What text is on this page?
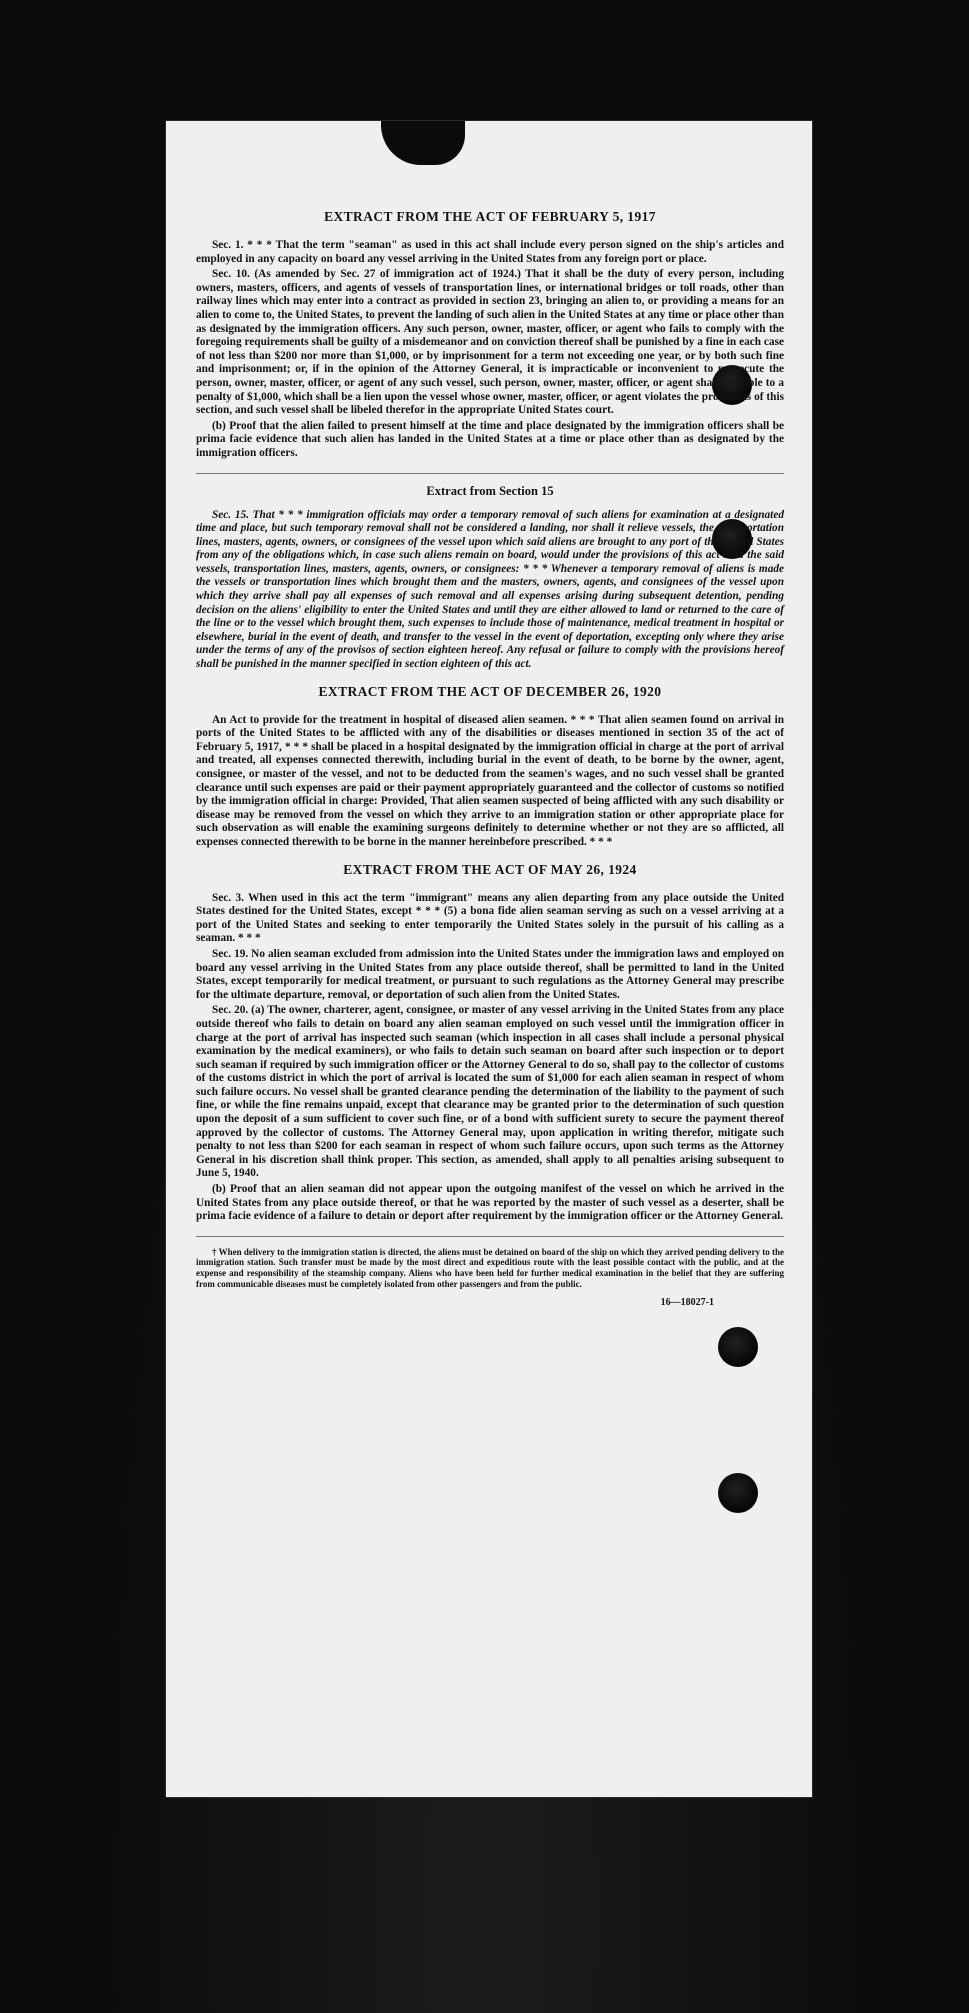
EXTRACT FROM THE ACT OF FEBRUARY 5, 1917

Sec. 1. * * * That the term "seaman" as used in this act shall include every person signed on the ship's articles and employed in any capacity on board any vessel arriving in the United States from any foreign port or place.

Sec. 10. (As amended by Sec. 27 of immigration act of 1924.) That it shall be the duty of every person, including owners, masters, officers, and agents of vessels of transportation lines, or international bridges or toll roads, other than railway lines which may enter into a contract as provided in section 23, bringing an alien to, or providing a means for an alien to come to, the United States, to prevent the landing of such alien in the United States at any time or place other than as designated by the immigration officers. Any such person, owner, master, officer, or agent who fails to comply with the foregoing requirements shall be guilty of a misdemeanor and on conviction thereof shall be punished by a fine in each case of not less than $200 nor more than $1,000, or by imprisonment for a term not exceeding one year, or by both such fine and imprisonment; or, if in the opinion of the Attorney General, it is impracticable or inconvenient to prosecute the person, owner, master, officer, or agent of any such vessel, such person, owner, master, officer, or agent shall be liable to a penalty of $1,000, which shall be a lien upon the vessel whose owner, master, officer, or agent violates the provisions of this section, and such vessel shall be libeled therefor in the appropriate United States court.

(b) Proof that the alien failed to present himself at the time and place designated by the immigration officers shall be prima facie evidence that such alien has landed in the United States at a time or place other than as designated by the immigration officers.

Extract from Section 15

Sec. 15. That * * * immigration officials may order a temporary removal of such aliens for examination at a designated time and place, but such temporary removal shall not be considered a landing, nor shall it relieve vessels, the transportation lines, masters, agents, owners, or consignees of the vessel upon which said aliens are brought to any port of the United States from any of the obligations which, in case such aliens remain on board, would under the provisions of this act bind the said vessels, transportation lines, masters, agents, owners, or consignees: * * * Whenever a temporary removal of aliens is made the vessels or transportation lines which brought them and the masters, owners, agents, and consignees of the vessel upon which they arrive shall pay all expenses of such removal and all expenses arising during subsequent detention, pending decision on the aliens' eligibility to enter the United States and until they are either allowed to land or returned to the care of the line or to the vessel which brought them, such expenses to include those of maintenance, medical treatment in hospital or elsewhere, burial in the event of death, and transfer to the vessel in the event of deportation, excepting only where they arise under the terms of any of the provisos of section eighteen hereof. Any refusal or failure to comply with the provisions hereof shall be punished in the manner specified in section eighteen of this act.

EXTRACT FROM THE ACT OF DECEMBER 26, 1920

An Act to provide for the treatment in hospital of diseased alien seamen. * * * That alien seamen found on arrival in ports of the United States to be afflicted with any of the disabilities or diseases mentioned in section 35 of the act of February 5, 1917, * * * shall be placed in a hospital designated by the immigration official in charge at the port of arrival and treated, all expenses connected therewith, including burial in the event of death, to be borne by the owner, agent, consignee, or master of the vessel, and not to be deducted from the seamen's wages, and no such vessel shall be granted clearance until such expenses are paid or their payment appropriately guaranteed and the collector of customs so notified by the immigration official in charge: Provided, That alien seamen suspected of being afflicted with any such disability or disease may be removed from the vessel on which they arrive to an immigration station or other appropriate place for such observation as will enable the examining surgeons definitely to determine whether or not they are so afflicted, all expenses connected therewith to be borne in the manner hereinbefore prescribed. * * *

EXTRACT FROM THE ACT OF MAY 26, 1924

Sec. 3. When used in this act the term "immigrant" means any alien departing from any place outside the United States destined for the United States, except * * * (5) a bona fide alien seaman serving as such on a vessel arriving at a port of the United States and seeking to enter temporarily the United States solely in the pursuit of his calling as a seaman. * * *

Sec. 19. No alien seaman excluded from admission into the United States under the immigration laws and employed on board any vessel arriving in the United States from any place outside thereof, shall be permitted to land in the United States, except temporarily for medical treatment, or pursuant to such regulations as the Attorney General may prescribe for the ultimate departure, removal, or deportation of such alien from the United States.

Sec. 20. (a) The owner, charterer, agent, consignee, or master of any vessel arriving in the United States from any place outside thereof who fails to detain on board any alien seaman employed on such vessel until the immigration officer in charge at the port of arrival has inspected such seaman (which inspection in all cases shall include a personal physical examination by the medical examiners), or who fails to detain such seaman on board after such inspection or to deport such seaman if required by such immigration officer or the Attorney General to do so, shall pay to the collector of customs of the customs district in which the port of arrival is located the sum of $1,000 for each alien seaman in respect of whom such failure occurs. No vessel shall be granted clearance pending the determination of the liability to the payment of such fine, or while the fine remains unpaid, except that clearance may be granted prior to the determination of such question upon the deposit of a sum sufficient to cover such fine, or of a bond with sufficient surety to secure the payment thereof approved by the collector of customs. The Attorney General may, upon application in writing therefor, mitigate such penalty to not less than $200 for each seaman in respect of whom such failure occurs, upon such terms as the Attorney General in his discretion shall think proper. This section, as amended, shall apply to all penalties arising subsequent to June 5, 1940.

(b) Proof that an alien seaman did not appear upon the outgoing manifest of the vessel on which he arrived in the United States from any place outside thereof, or that he was reported by the master of such vessel as a deserter, shall be prima facie evidence of a failure to detain or deport after requirement by the immigration officer or the Attorney General.

† When delivery to the immigration station is directed, the aliens must be detained on board of the ship on which they arrived pending delivery to the immigration station. Such transfer must be made by the most direct and expeditious route with the least possible contact with the public, and at the expense and responsibility of the steamship company. Aliens who have been held for further medical examination in the belief that they are suffering from communicable diseases must be completely isolated from other passengers and from the public.

16—18027-1
